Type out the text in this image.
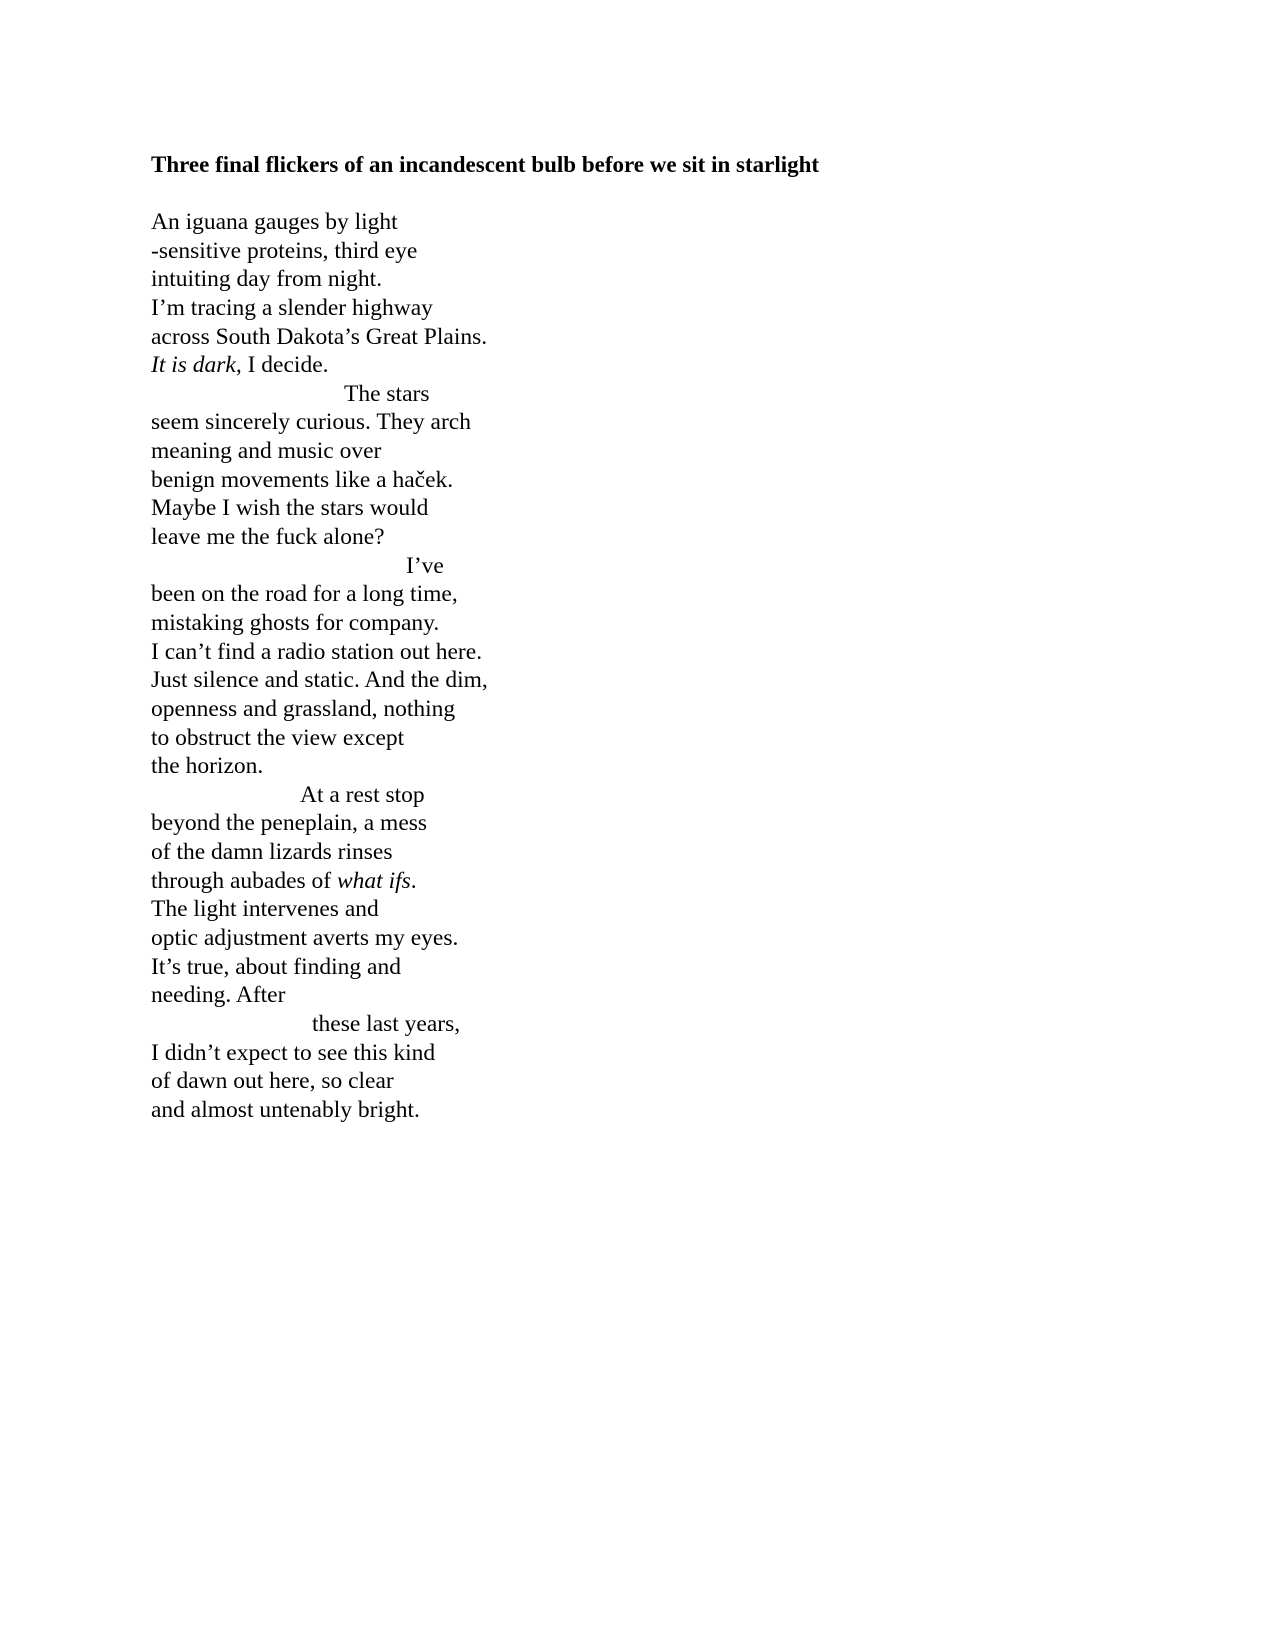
Three final flickers of an incandescent bulb before we sit in starlight
An iguana gauges by light
-sensitive proteins, third eye
intuiting day from night.
I’m tracing a slender highway
across South Dakota’s Great Plains.
It is dark, I decide.
The stars
seem sincerely curious. They arch
meaning and music over
benign movements like a haček.
Maybe I wish the stars would
leave me the fuck alone?
I’ve
been on the road for a long time,
mistaking ghosts for company.
I can’t find a radio station out here.
Just silence and static. And the dim,
openness and grassland, nothing
to obstruct the view except
the horizon.
At a rest stop
beyond the peneplain, a mess
of the damn lizards rinses
through aubades of what ifs.
The light intervenes and
optic adjustment averts my eyes.
It’s true, about finding and
needing. After
these last years,
I didn’t expect to see this kind
of dawn out here, so clear
and almost untenably bright.
